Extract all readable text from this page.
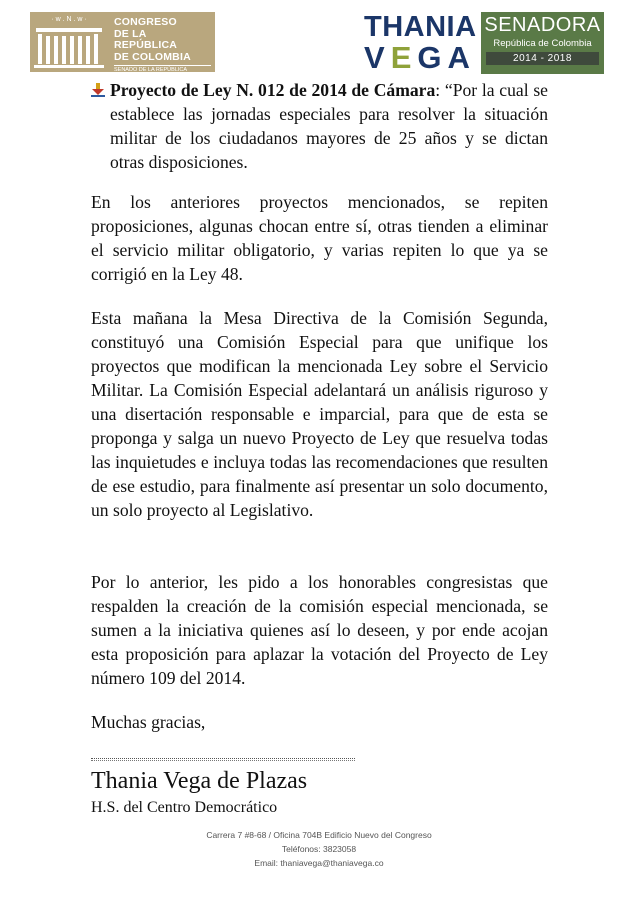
· w . N . w ·	CONGRESO
DE LA REPÚBLICA
DE COLOMBIA
SENADO DE LA REPÚBLICA
THANIA
VEGA
SENADORA
República de Colombia
2014 - 2018
Proyecto de Ley N. 012 de 2014 de Cámara: “Por la cual se establece las jornadas especiales para resolver la situación militar de los ciudadanos mayores de 25 años y se dictan otras disposiciones.

En los anteriores proyectos mencionados, se repiten proposiciones, algunas chocan entre sí, otras tienden a eliminar el servicio militar obligatorio, y varias repiten lo que ya se corrigió en la Ley 48.

Esta mañana la Mesa Directiva de la Comisión Segunda, constituyó una Comisión Especial para que unifique los proyectos que modifican la mencionada Ley sobre el Servicio Militar. La Comisión Especial adelantará un análisis riguroso y una disertación responsable e imparcial, para que de esta se proponga y salga un nuevo Proyecto de Ley que resuelva todas las inquietudes e incluya todas las recomendaciones que resulten de ese estudio, para finalmente así presentar un solo documento, un solo proyecto al Legislativo.

Por lo anterior, les pido a los honorables congresistas que respalden la creación de la comisión especial mencionada, se sumen a la iniciativa quienes así lo deseen, y por ende acojan esta proposición para aplazar la votación del Proyecto de Ley número 109 del 2014.

Muchas gracias,

Thania Vega de Plazas
H.S. del Centro Democrático
Carrera 7 #8-68 / Oficina 704B Edificio Nuevo del Congreso
Teléfonos: 3823058
Email: thaniavega@thaniavega.co
